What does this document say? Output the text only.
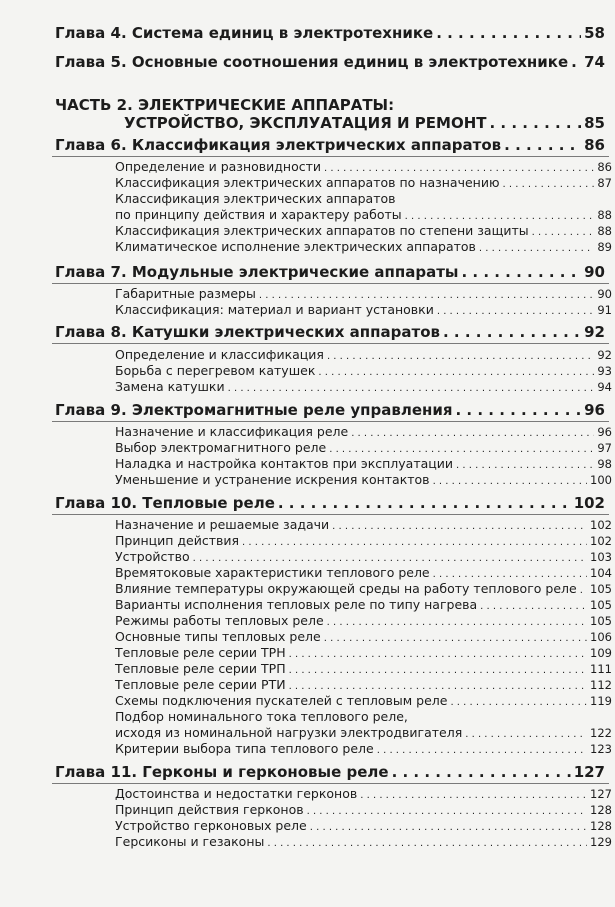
Глава 4. Система единиц в электротехнике . . .	58
Глава 5. Основные соотношения единиц в электротехнике . . . 74
ЧАСТЬ 2. ЭЛЕКТРИЧЕСКИЕ АППАРАТЫ:
УСТРОЙСТВО, ЭКСПЛУАТАЦИЯ И РЕМОНТ . . .	85
Глава 6. Классификация электрических аппаратов . . .	86
Определение и разновидности . . .	86
Классификация электрических аппаратов по назначению . . .	87
Классификация электрических аппаратов
по принципу действия и характеру работы . . .	88
Классификация электрических аппаратов по степени защиты . . .	88
Климатическое исполнение электрических аппаратов . . .	89
Глава 7. Модульные электрические аппараты . . .	90
Габаритные размеры . . .	90
Классификация: материал и вариант установки . . .	91
Глава 8. Катушки электрических аппаратов . . .	92
Определение и классификация . . .	92
Борьба с перегревом катушек . . .	93
Замена катушки . . .	94
Глава 9. Электромагнитные реле управления . . .	96
Назначение и классификация реле . . .	96
Выбор электромагнитного реле . . .	97
Наладка и настройка контактов при эксплуатации . . .	98
Уменьшение и устранение искрения контактов . . .	100
Глава 10. Тепловые реле . . .	102
Назначение и решаемые задачи . . .	102
Принцип действия . . .	102
Устройство . . .	103
Времятоковые характеристики теплового реле . . .	104
Влияние температуры окружающей среды на работу теплового реле . . . 105
Варианты исполнения тепловых реле по типу нагрева . . .	105
Режимы работы тепловых реле . . .	105
Основные типы тепловых реле . . .	106
Тепловые реле серии ТРН . . .	109
Тепловые реле серии ТРП . . .	111
Тепловые реле серии РТИ . . .	112
Схемы подключения пускателей с тепловым реле . . .	119
Подбор номинального тока теплового реле,
исходя из номинальной нагрузки электродвигателя . . .	122
Критерии выбора типа теплового реле . . .	123
Глава 11. Герконы и герконовые реле . . .	127
Достоинства и недостатки герконов . . .	127
Принцип действия герконов . . .	128
Устройство герконовых реле . . .	128
Герсиконы и гезаконы . . .	129
